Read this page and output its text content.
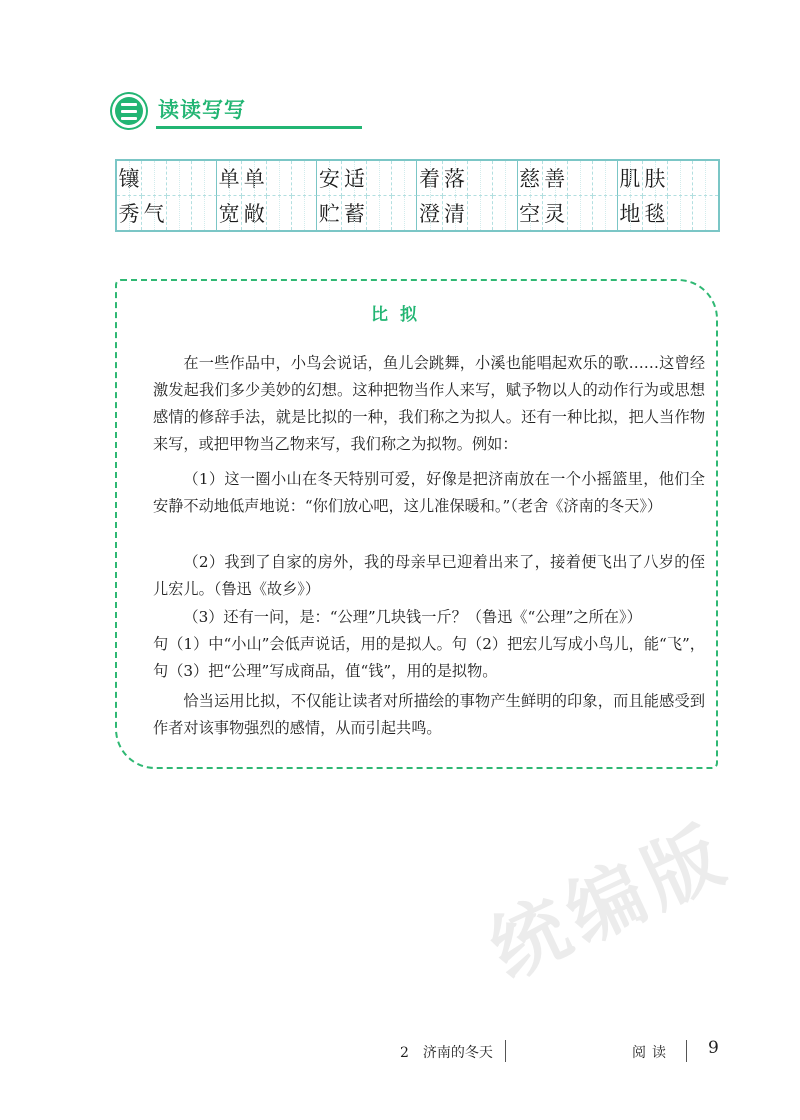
读读写写
镶	单 单	安 适	着 落	慈 善	肌 肤
秀 气	宽 敞	贮 蓄	澄 清	空 灵	地 毯
比拟

在一些作品中，小鸟会说话，鱼儿会跳舞，小溪也能唱起欢乐的歌……这曾经激发起我们多少美妙的幻想。这种把物当作人来写，赋予物以人的动作行为或思想感情的修辞手法，就是比拟的一种，我们称之为拟人。还有一种比拟，把人当作物来写，或把甲物当乙物来写，我们称之为拟物。例如：

（1）这一圈小山在冬天特别可爱，好像是把济南放在一个小摇篮里，他们全安静不动地低声地说：“你们放心吧，这儿准保暖和。”（老舍《济南的冬天》）

（2）我到了自家的房外，我的母亲早已迎着出来了，接着便飞出了八岁的侄儿宏儿。（鲁迅《故乡》）

（3）还有一问，是：“公理”几块钱一斤？（鲁迅《“公理”之所在》）

句（1）中“小山”会低声说话，用的是拟人。句（2）把宏儿写成小鸟儿，能“飞”，句（3）把“公理”写成商品，值“钱”，用的是拟物。

恰当运用比拟，不仅能让读者对所描绘的事物产生鲜明的印象，而且能感受到作者对该事物强烈的感情，从而引起共鸣。

统编版
2　济南的冬天	阅读 9
